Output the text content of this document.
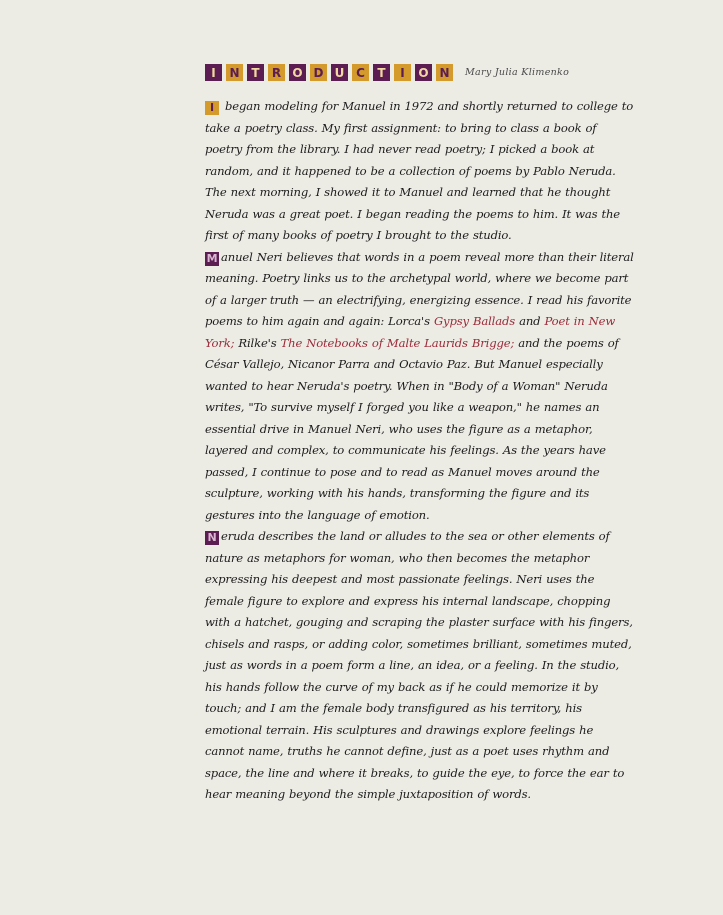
I	N T	R O D U C	T	I	O N	Mary Julia Klimenko

I began modeling for Manuel in 1972 and shortly returned to college to take a poetry class. My first assignment: to bring to class a book of poetry from the library. I had never read poetry; I picked a book at random, and it happened to be a collection of poems by Pablo Neruda. The next morning, I showed it to Manuel and learned that he thought Neruda was a great poet. I began reading the poems to him. It was the first of many books of poetry I brought to the studio.

M anuel Neri believes that words in a poem reveal more than their literal meaning. Poetry links us to the archetypal world, where we become part of a larger truth — an electrifying, energizing essence. I read his favorite poems to him again and again: Lorca's Gypsy Ballads and Poet in New York; Rilke's The Notebooks of Malte Laurids Brigge; and the poems of César Vallejo, Nicanor Parra and Octavio Paz. But Manuel especially wanted to hear Neruda's poetry. When in "Body of a Woman" Neruda writes, "To survive myself I forged you like a weapon," he names an essential drive in Manuel Neri, who uses the figure as a metaphor, layered and complex, to communicate his feelings. As the years have passed, I continue to pose and to read as Manuel moves around the sculpture, working with his hands, transforming the figure and its gestures into the language of emotion.

N eruda describes the land or alludes to the sea or other elements of nature as metaphors for woman, who then becomes the metaphor expressing his deepest and most passionate feelings. Neri uses the female figure to explore and express his internal landscape, chopping with a hatchet, gouging and scraping the plaster surface with his fingers, chisels and rasps, or adding color, sometimes brilliant, sometimes muted, just as words in a poem form a line, an idea, or a feeling. In the studio, his hands follow the curve of my back as if he could memorize it by touch; and I am the female body transfigured as his territory, his emotional terrain. His sculptures and drawings explore feelings he cannot name, truths he cannot define, just as a poet uses rhythm and space, the line and where it breaks, to guide the eye, to force the ear to hear meaning beyond the simple juxtaposition of words.
